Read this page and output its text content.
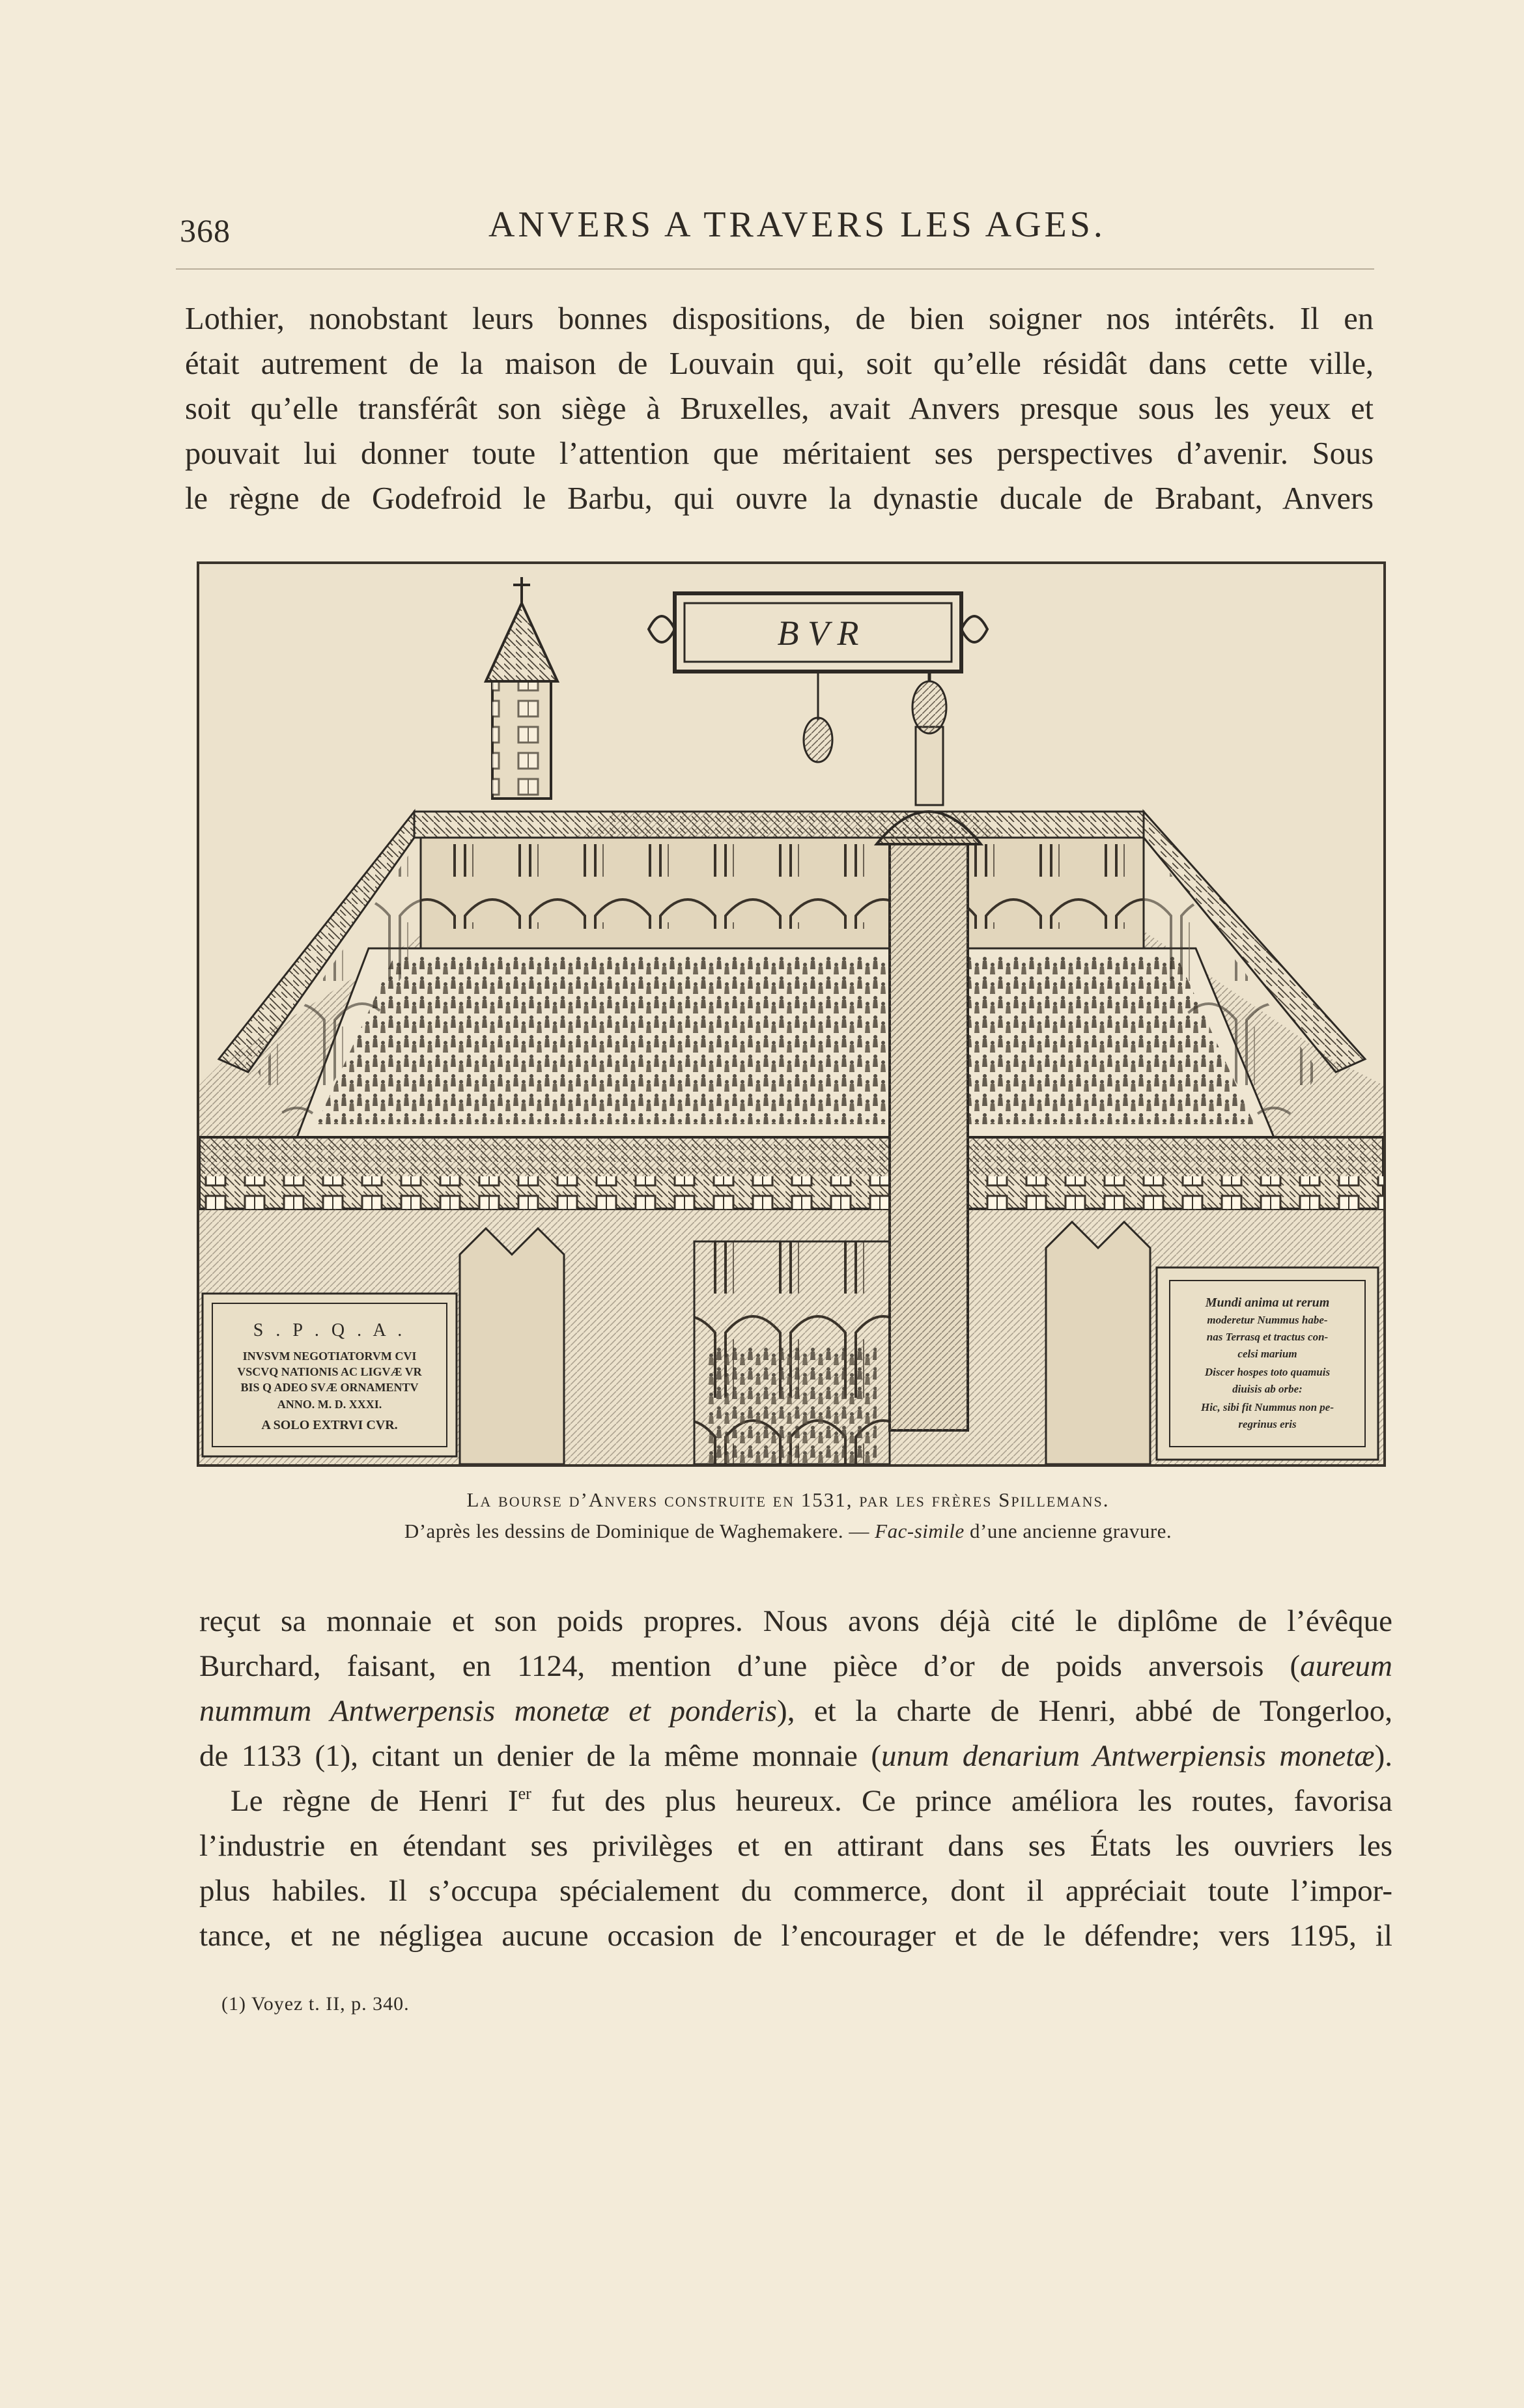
368	ANVERS A TRAVERS LES AGES.
Lothier, nonobstant leurs bonnes dispositions, de bien soigner nos intérêts. Il en
était autrement de la maison de Louvain qui, soit qu’elle résidât dans cette ville,
soit qu’elle transférât son siège à Bruxelles, avait Anvers presque sous les yeux et
pouvait lui donner toute l’attention que méritaient ses perspectives d’avenir. Sous
le règne de Godefroid le Barbu, qui ouvre la dynastie ducale de Brabant, Anvers
B V R
S . P . Q . A .
INVSVM NEGOTIATORVM CVI
VSCVQ NATIONIS AC LIGVÆ VR
BIS Q ADEO SVÆ ORNAMENTV
ANNO. M. D. XXXI.
A SOLO EXTRVI CVR.
Mundi anima ut rerum
moderetur Nummus habe-
nas Terrasq et tractus con-
celsi marium
Discer hospes toto quamuis
diuisis ab orbe:
Hic, sibi fit Nummus non pe-
regrinus eris
La bourse d’Anvers construite en 1531, par les frères Spillemans.
D’après les dessins de Dominique de Waghemakere. — Fac-simile d’une ancienne gravure.
reçut sa monnaie et son poids propres. Nous avons déjà cité le diplôme de l’évêque
Burchard, faisant, en 1124, mention d’une pièce d’or de poids anversois (aureum
nummum Antwerpensis monetæ et ponderis), et la charte de Henri, abbé de Tongerloo,
de 1133 (1), citant un denier de la même monnaie (unum denarium Antwerpiensis monetæ).
Le règne de Henri Ier fut des plus heureux. Ce prince améliora les routes, favorisa
l’industrie en étendant ses privilèges et en attirant dans ses États les ouvriers les
plus habiles. Il s’occupa spécialement du commerce, dont il appréciait toute l’impor-
tance, et ne négligea aucune occasion de l’encourager et de le défendre; vers 1195, il
(1) Voyez t. II, p. 340.
